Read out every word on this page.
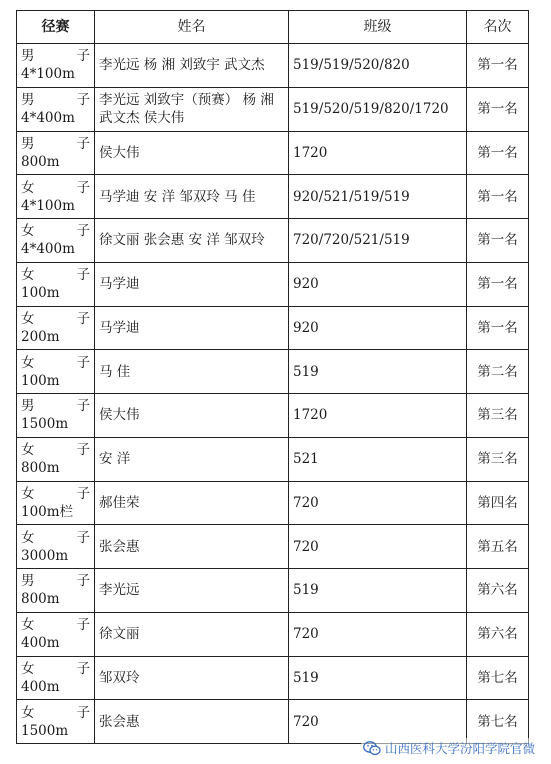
径赛	姓名	班级	名次

男 子
4*100m	李光远 杨 湘 刘致宇 武文杰	519/519/520/820	第一名

男 子
4*400m	李光远 刘致宇（预赛） 杨 湘 武文杰 侯大伟	519/520/519/820/1720	第一名

男 子
800m	侯大伟	1720	第一名

女 子
4*100m	马学迪 安 洋 邹双玲 马 佳	920/521/519/519	第一名

女 子
4*400m	徐文丽 张会惠 安 洋 邹双玲	720/720/521/519	第一名

女 子
100m	马学迪	920	第一名

女 子
200m	马学迪	920	第一名

女 子
100m	马 佳	519	第二名

男 子
1500m	侯大伟	1720	第三名

女 子
800m	安 洋	521	第三名

女 子
100m栏	郝佳荣	720	第四名

女 子
3000m	张会惠	720	第五名

男 子
800m	李光远	519	第六名

女 子
400m	徐文丽	720	第六名

女 子
400m	邹双玲	519	第七名

女 子
1500m	张会惠	720	第七名
山西医科大学汾阳学院官微
